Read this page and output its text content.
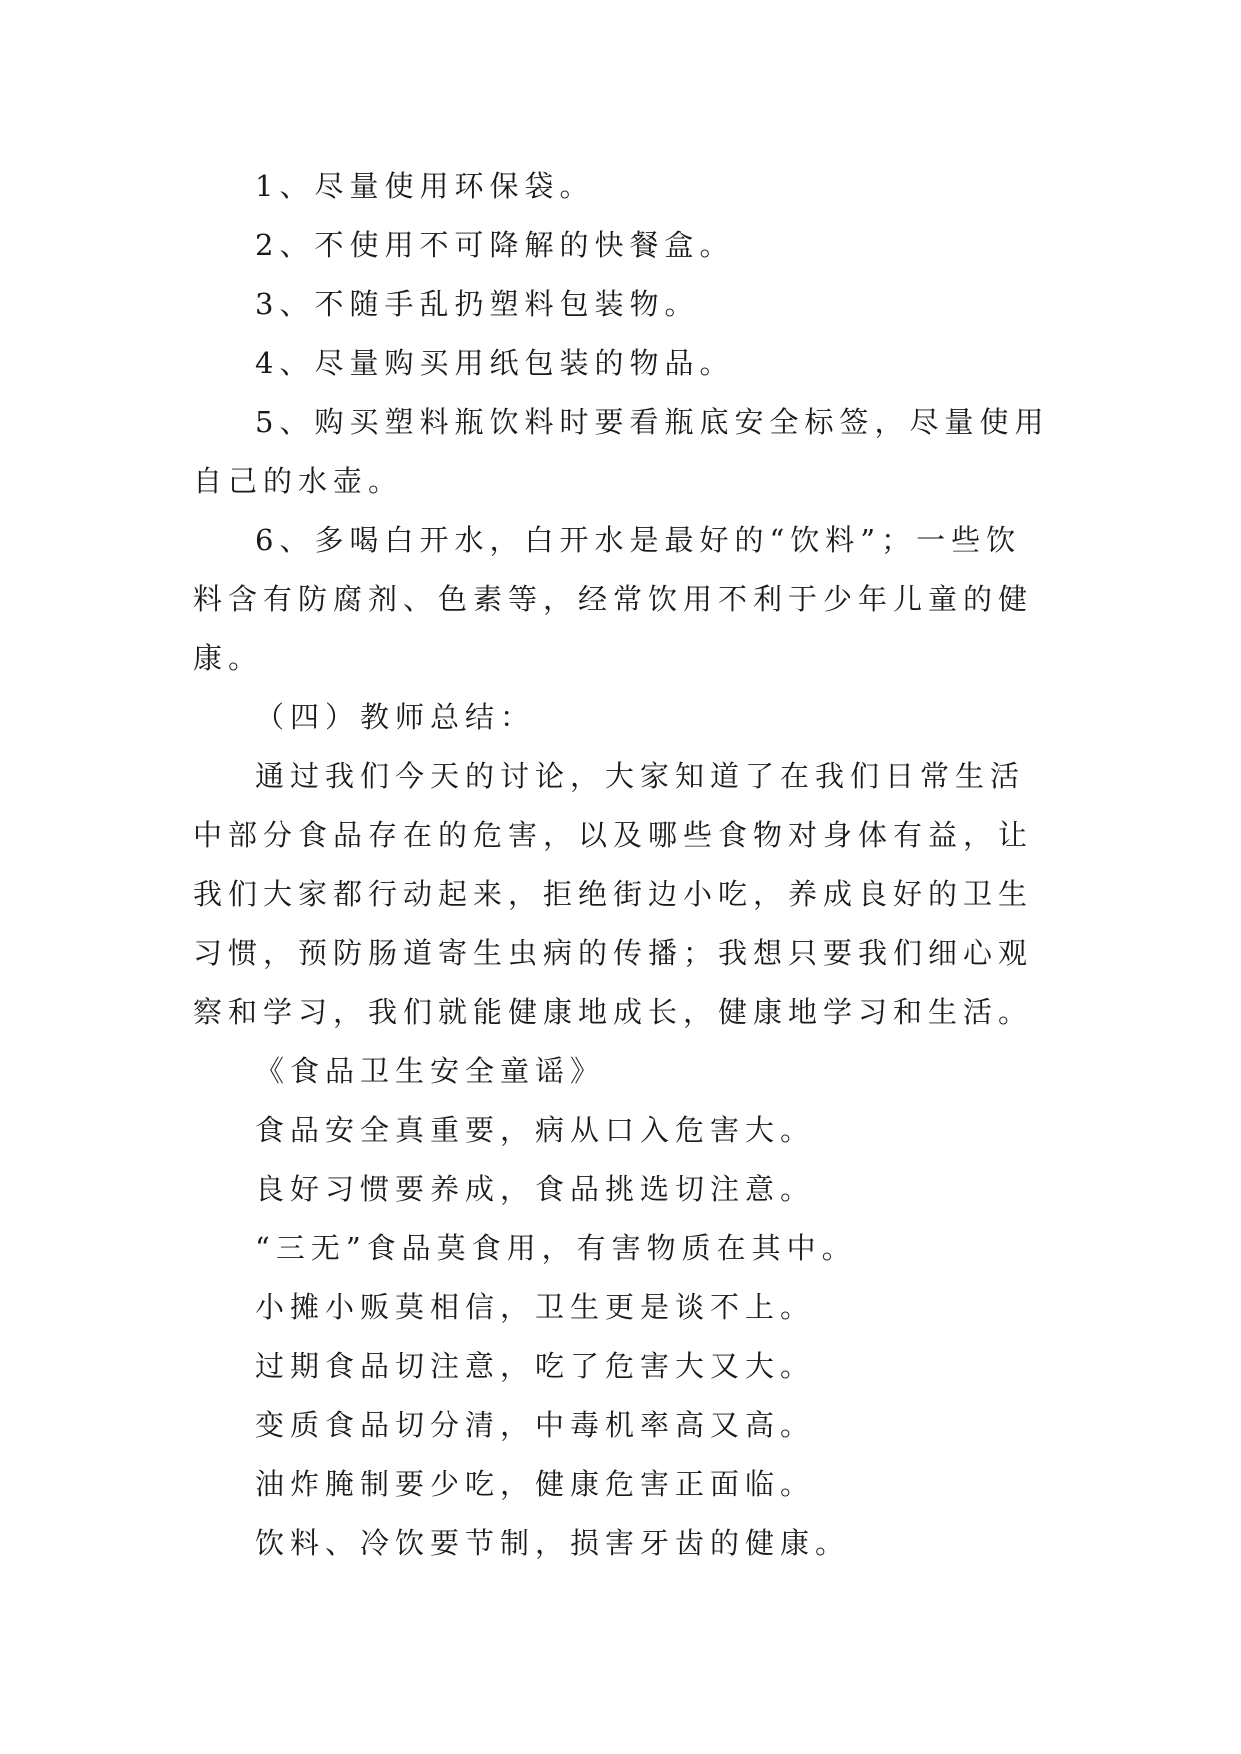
1、尽量使用环保袋。

2、不使用不可降解的快餐盒。

3、不随手乱扔塑料包装物。

4、尽量购买用纸包装的物品。

5、购买塑料瓶饮料时要看瓶底安全标签，尽量使用自己的水壶。

6、多喝白开水，白开水是最好的“饮料”；一些饮料含有防腐剂、色素等，经常饮用不利于少年儿童的健康。

（四）教师总结：

通过我们今天的讨论，大家知道了在我们日常生活中部分食品存在的危害，以及哪些食物对身体有益，让我们大家都行动起来，拒绝街边小吃，养成良好的卫生习惯，预防肠道寄生虫病的传播；我想只要我们细心观察和学习，我们就能健康地成长，健康地学习和生活。

《食品卫生安全童谣》

食品安全真重要，病从口入危害大。

良好习惯要养成，食品挑选切注意。

“三无”食品莫食用，有害物质在其中。

小摊小贩莫相信，卫生更是谈不上。

过期食品切注意，吃了危害大又大。

变质食品切分清，中毒机率高又高。

油炸腌制要少吃，健康危害正面临。

饮料、冷饮要节制，损害牙齿的健康。
